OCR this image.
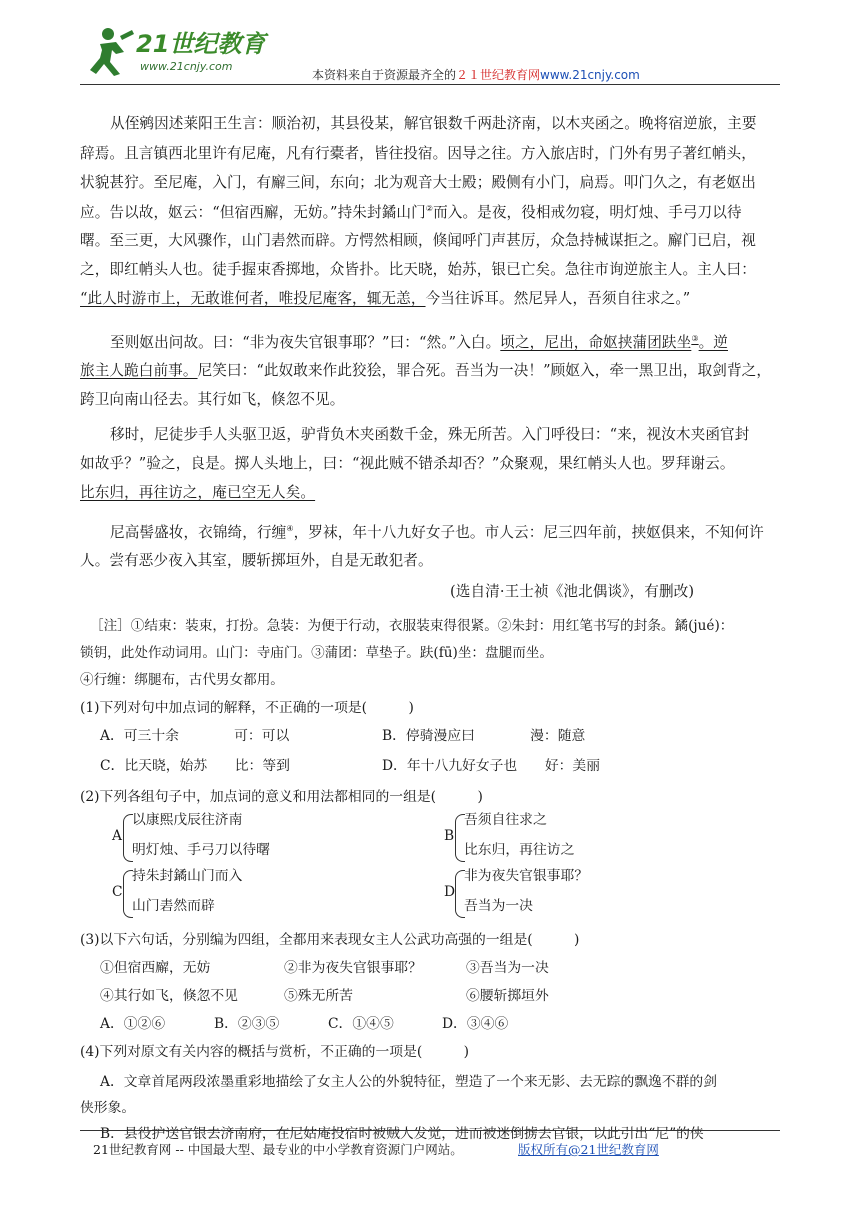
21世纪教育
www.21cnjy.com
本资料来自于资源最齐全的２１世纪教育网www.21cnjy.com
从侄鹓因述莱阳王生言：顺治初，其县役某，解官银数千两赴济南，以木夹函之。晚将宿逆旅，主要
辞焉。且言镇西北里许有尼庵，凡有行橐者，皆往投宿。因导之往。方入旅店时，门外有男子著红帩头，
状貌甚狞。至尼庵，入门，有廨三间，东向；北为观音大士殿；殿侧有小门，扃焉。叩门久之，有老妪出
应。告以故，妪云：“但宿西廨，无妨。”持朱封鐍山门②而入。是夜，役相戒勿寝，明灯烛、手弓刀以待
曙。至三更，大风骤作，山门砉然而辟。方愕然相顾，倏闻呼门声甚厉，众急持械谋拒之。廨门已启，视
之，即红帩头人也。徒手握束香掷地，众皆扑。比天晓，始苏，银已亡矣。急往市询逆旅主人。主人曰：
“此人时游市上，无敢谁何者，唯投尼庵客，辄无恙，今当往诉耳。然尼异人，吾须自往求之。”
至则妪出问故。曰：“非为夜失官银事耶？”曰：“然。”入白。顷之，尼出，命妪挟蒲团趺坐③。逆
旅主人跪白前事。尼笑曰：“此奴敢来作此狡狯，罪合死。吾当为一决！”顾妪入，牵一黑卫出，取剑背之，
跨卫向南山径去。其行如飞，倏忽不见。
移时，尼徒步手人头驱卫返，驴背负木夹函数千金，殊无所苦。入门呼役曰：“来，视汝木夹函官封
如故乎？”验之，良是。掷人头地上，曰：“视此贼不错杀却否？”众聚观，果红帩头人也。罗拜谢云。
比东归，再往访之，庵已空无人矣。
尼高髻盛妆，衣锦绮，行缠④，罗袜，年十八九好女子也。市人云：尼三四年前，挟妪俱来，不知何许
人。尝有恶少夜入其室，腰斩掷垣外，自是无敢犯者。
(选自清·王士祯《池北偶谈》，有删改)
［注］①结束：装束，打扮。急装：为便于行动，衣服装束得很紧。②朱封：用红笔书写的封条。鐍(jué)：
锁钥，此处作动词用。山门：寺庙门。③蒲团：草垫子。趺(fū)坐：盘腿而坐。
④行缠：绑腿布，古代男女都用。
(1)下列对句中加点词的解释，不正确的一项是(　　　)
A．可三十余　　　　可：可以	B．停骑漫应曰　　　　漫：随意
C．比天晓，始苏　　比：等到	D．年十八九好女子也　　好：美丽
(2)下列各组句子中，加点词的意义和用法都相同的一组是(　　　)
A
以康熙戊辰往济南
明灯烛、手弓刀以待曙
B
吾须自往求之
比东归，再往访之
C
持朱封鐍山门而入
山门砉然而辟
D
非为夜失官银事耶？
吾当为一决
(3)以下六句话，分别编为四组，全都用来表现女主人公武功高强的一组是(　　　)
①但宿西廨，无妨	②非为夜失官银事耶？	③吾当为一决
④其行如飞，倏忽不见	⑤殊无所苦	⑥腰斩掷垣外
A．①②⑥	B．②③⑤	C．①④⑤	D．③④⑥
(4)下列对原文有关内容的概括与赏析，不正确的一项是(　　　)
A．文章首尾两段浓墨重彩地描绘了女主人公的外貌特征，塑造了一个来无影、去无踪的飘逸不群的剑
侠形象。
B．县役护送官银去济南府，在尼姑庵投宿时被贼人发觉，进而被迷倒掳去官银，以此引出“尼”的侠
21世纪教育网 -- 中国最大型、最专业的中小学教育资源门户网站。	版权所有@21世纪教育网
